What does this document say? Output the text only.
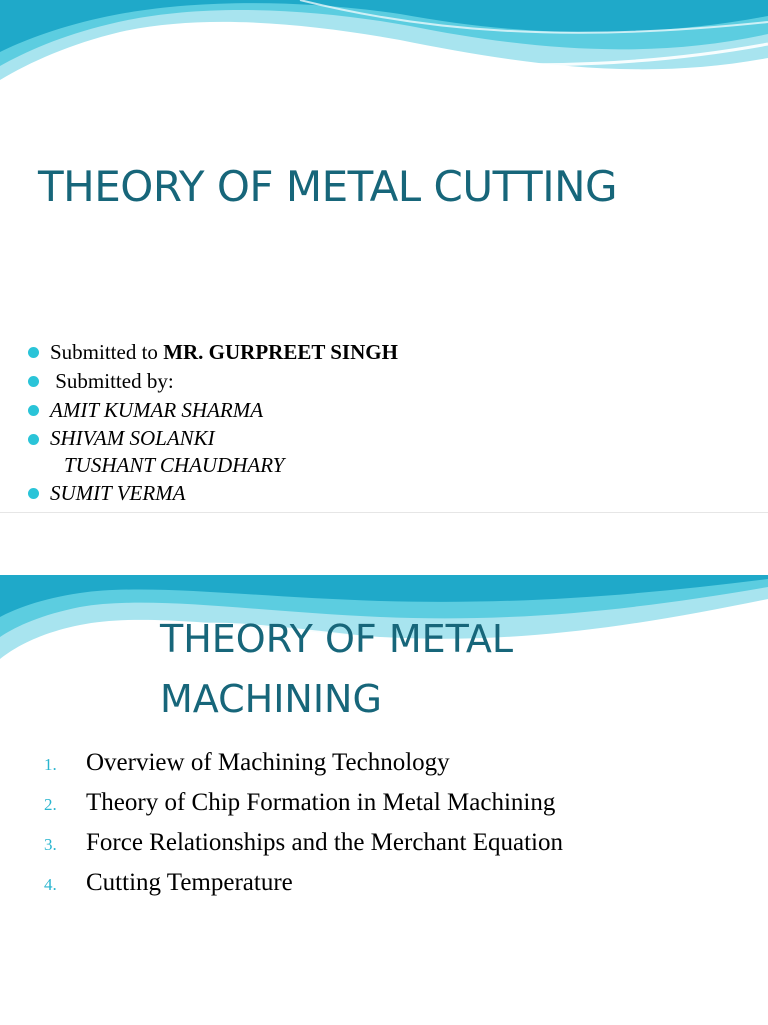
THEORY OF METAL CUTTING
Submitted to MR. GURPREET SINGH
Submitted by:
AMIT KUMAR SHARMA
SHIVAM SOLANKI
TUSHANT CHAUDHARY
SUMIT VERMA
THEORY OF METAL
MACHINING
1. Overview of Machining Technology
2. Theory of Chip Formation in Metal Machining
3. Force Relationships and the Merchant Equation
4. Cutting Temperature
